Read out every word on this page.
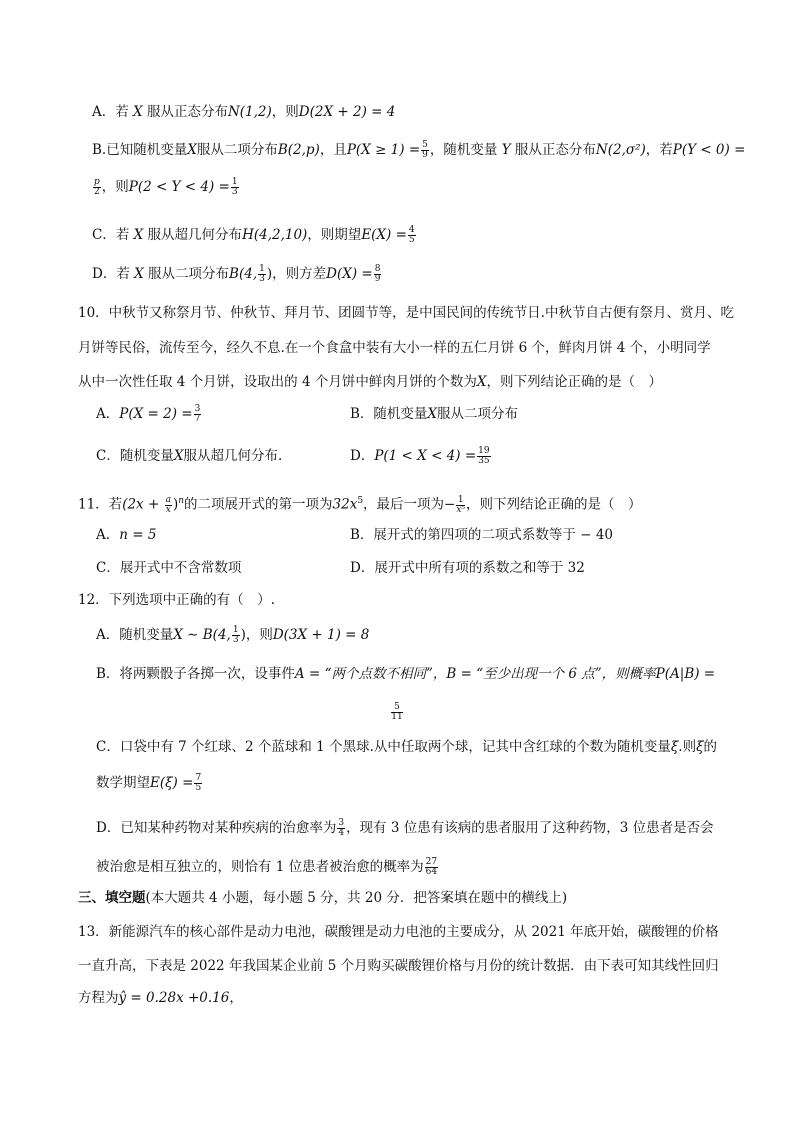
A．若 X 服从正态分布N(1,2)，则D(2X + 2) = 4
B.已知随机变量X服从二项分布B(2,p)，且$P(X \ge 1) = \frac{5}{9}$ ，随机变量 Y 服从正态分布N(2,σ²)，若P(Y < 0) =
$\frac{p}{2}$ ，则$P(2 < Y < 4) = \frac{1}{3}$
C．若 X 服从超几何分布H(4,2,10)，则期望$E(X) = \frac{4}{5}$
D．若 X 服从二项分布B(4, $\frac{1}{3}$ )，则方差$D(X) = \frac{8}{9}$
10．中秋节又称祭月节、仲秋节、拜月节、团圆节等，是中国民间的传统节日.中秋节自古便有祭月、赏月、吃
月饼等民俗，流传至今，经久不息.在一个食盒中装有大小一样的五仁月饼 6 个，鲜肉月饼 4 个，小明同学
从中一次性任取 4 个月饼，设取出的 4 个月饼中鲜肉月饼的个数为X，则下列结论正确的是（　）
A．$P(X = 2) = \frac{3}{7}$	B．随机变量X服从二项分布
C．随机变量X服从超几何分布.	D．$P(1 < X < 4) = \frac{19}{35}$
11．若$(2x + \frac{a}{x} )^n$的二项展开式的第一项为$32x^5$，最后一项为− $\frac{1}{\text{x⁵}}$ ，则下列结论正确的是（　）
A．n = 5	B．展开式的第四项的二项式系数等于 − 40
C．展开式中不含常数项	D．展开式中所有项的系数之和等于 32
12．下列选项中正确的有（　）.
A．随机变量X ∼ B(4, $\frac{1}{3}$ )，则D(3X + 1) = 8
B．将两颗骰子各掷一次，设事件A = “两个点数不相同”，B = “至少出现一个 6 点”，则概率P(A|B) =
$\frac{5}{11}$
C．口袋中有 7 个红球、2 个蓝球和 1 个黑球.从中任取两个球，记其中含红球的个数为随机变量ξ.则ξ的
数学期望$E(\xi) = \frac{7}{5}$
D．已知某种药物对某种疾病的治愈率为 $\frac{3}{4}$ ，现有 3 位患有该病的患者服用了这种药物，3 位患者是否会
被治愈是相互独立的，则恰有 1 位患者被治愈的概率为 $\frac{27}{64}$
三、填空题(本大题共 4 小题，每小题 5 分，共 20 分．把答案填在题中的横线上)
13．新能源汽车的核心部件是动力电池，碳酸锂是动力电池的主要成分，从 2021 年底开始，碳酸锂的价格
一直升高，下表是 2022 年我国某企业前 5 个月购买碳酸锂价格与月份的统计数据．由下表可知其线性回归
方程为ŷ = 0.28x +0.16，
